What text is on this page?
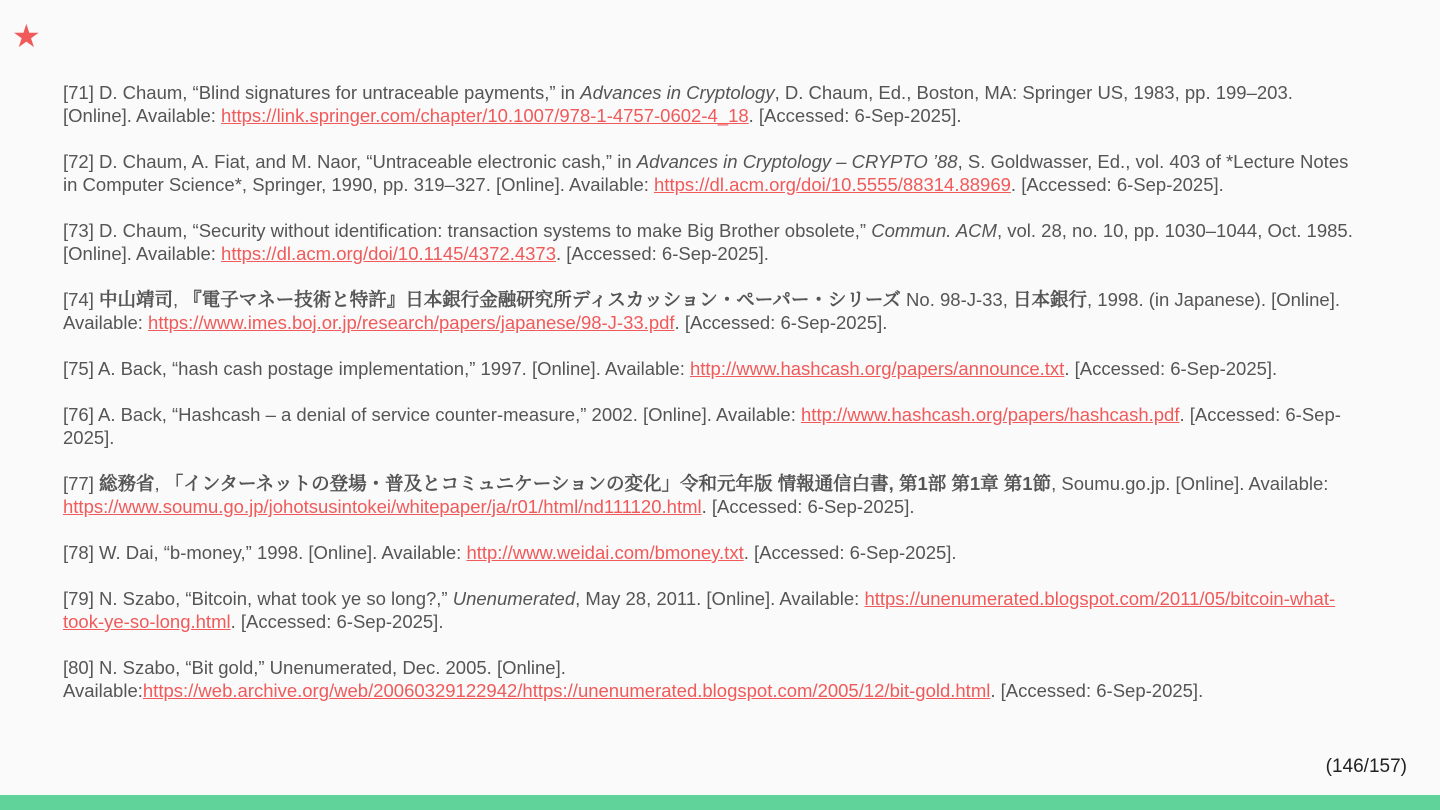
★

[71] D. Chaum, “Blind signatures for untraceable payments,” in Advances in Cryptology, D. Chaum, Ed., Boston, MA: Springer US, 1983, pp. 199–203. [Online]. Available: https://link.springer.com/chapter/10.1007/978-1-4757-0602-4_18. [Accessed: 6-Sep-2025].

[72] D. Chaum, A. Fiat, and M. Naor, “Untraceable electronic cash,” in Advances in Cryptology – CRYPTO ’88, S. Goldwasser, Ed., vol. 403 of *Lecture Notes in Computer Science*, Springer, 1990, pp. 319–327. [Online]. Available: https://dl.acm.org/doi/10.5555/88314.88969. [Accessed: 6-Sep-2025].

[73] D. Chaum, “Security without identification: transaction systems to make Big Brother obsolete,” Commun. ACM, vol. 28, no. 10, pp. 1030–1044, Oct. 1985. [Online]. Available: https://dl.acm.org/doi/10.1145/4372.4373. [Accessed: 6-Sep-2025].

[74] 中山靖司, 『電子マネー技術と特許』日本銀行金融研究所ディスカッション・ペーパー・シリーズ No. 98-J-33, 日本銀行, 1998. (in Japanese). [Online]. Available: https://www.imes.boj.or.jp/research/papers/japanese/98-J-33.pdf. [Accessed: 6-Sep-2025].

[75] A. Back, “hash cash postage implementation,” 1997. [Online]. Available: http://www.hashcash.org/papers/announce.txt. [Accessed: 6-Sep-2025].

[76] A. Back, “Hashcash – a denial of service counter-measure,” 2002. [Online]. Available: http://www.hashcash.org/papers/hashcash.pdf. [Accessed: 6-Sep-2025].

[77] 総務省, 「インターネットの登場・普及とコミュニケーションの変化」令和元年版 情報通信白書, 第1部 第1章 第1節, Soumu.go.jp. [Online]. Available: https://www.soumu.go.jp/johotsusintokei/whitepaper/ja/r01/html/nd111120.html. [Accessed: 6-Sep-2025].

[78] W. Dai, “b-money,” 1998. [Online]. Available: http://www.weidai.com/bmoney.txt. [Accessed: 6-Sep-2025].

[79] N. Szabo, “Bitcoin, what took ye so long?,” Unenumerated, May 28, 2011. [Online]. Available: https://unenumerated.blogspot.com/2011/05/bitcoin-what-took-ye-so-long.html. [Accessed: 6-Sep-2025].

[80] N. Szabo, “Bit gold,” Unenumerated, Dec. 2005. [Online]. Available:https://web.archive.org/web/20060329122942/https://unenumerated.blogspot.com/2005/12/bit-gold.html. [Accessed: 6-Sep-2025].

(146/157)
